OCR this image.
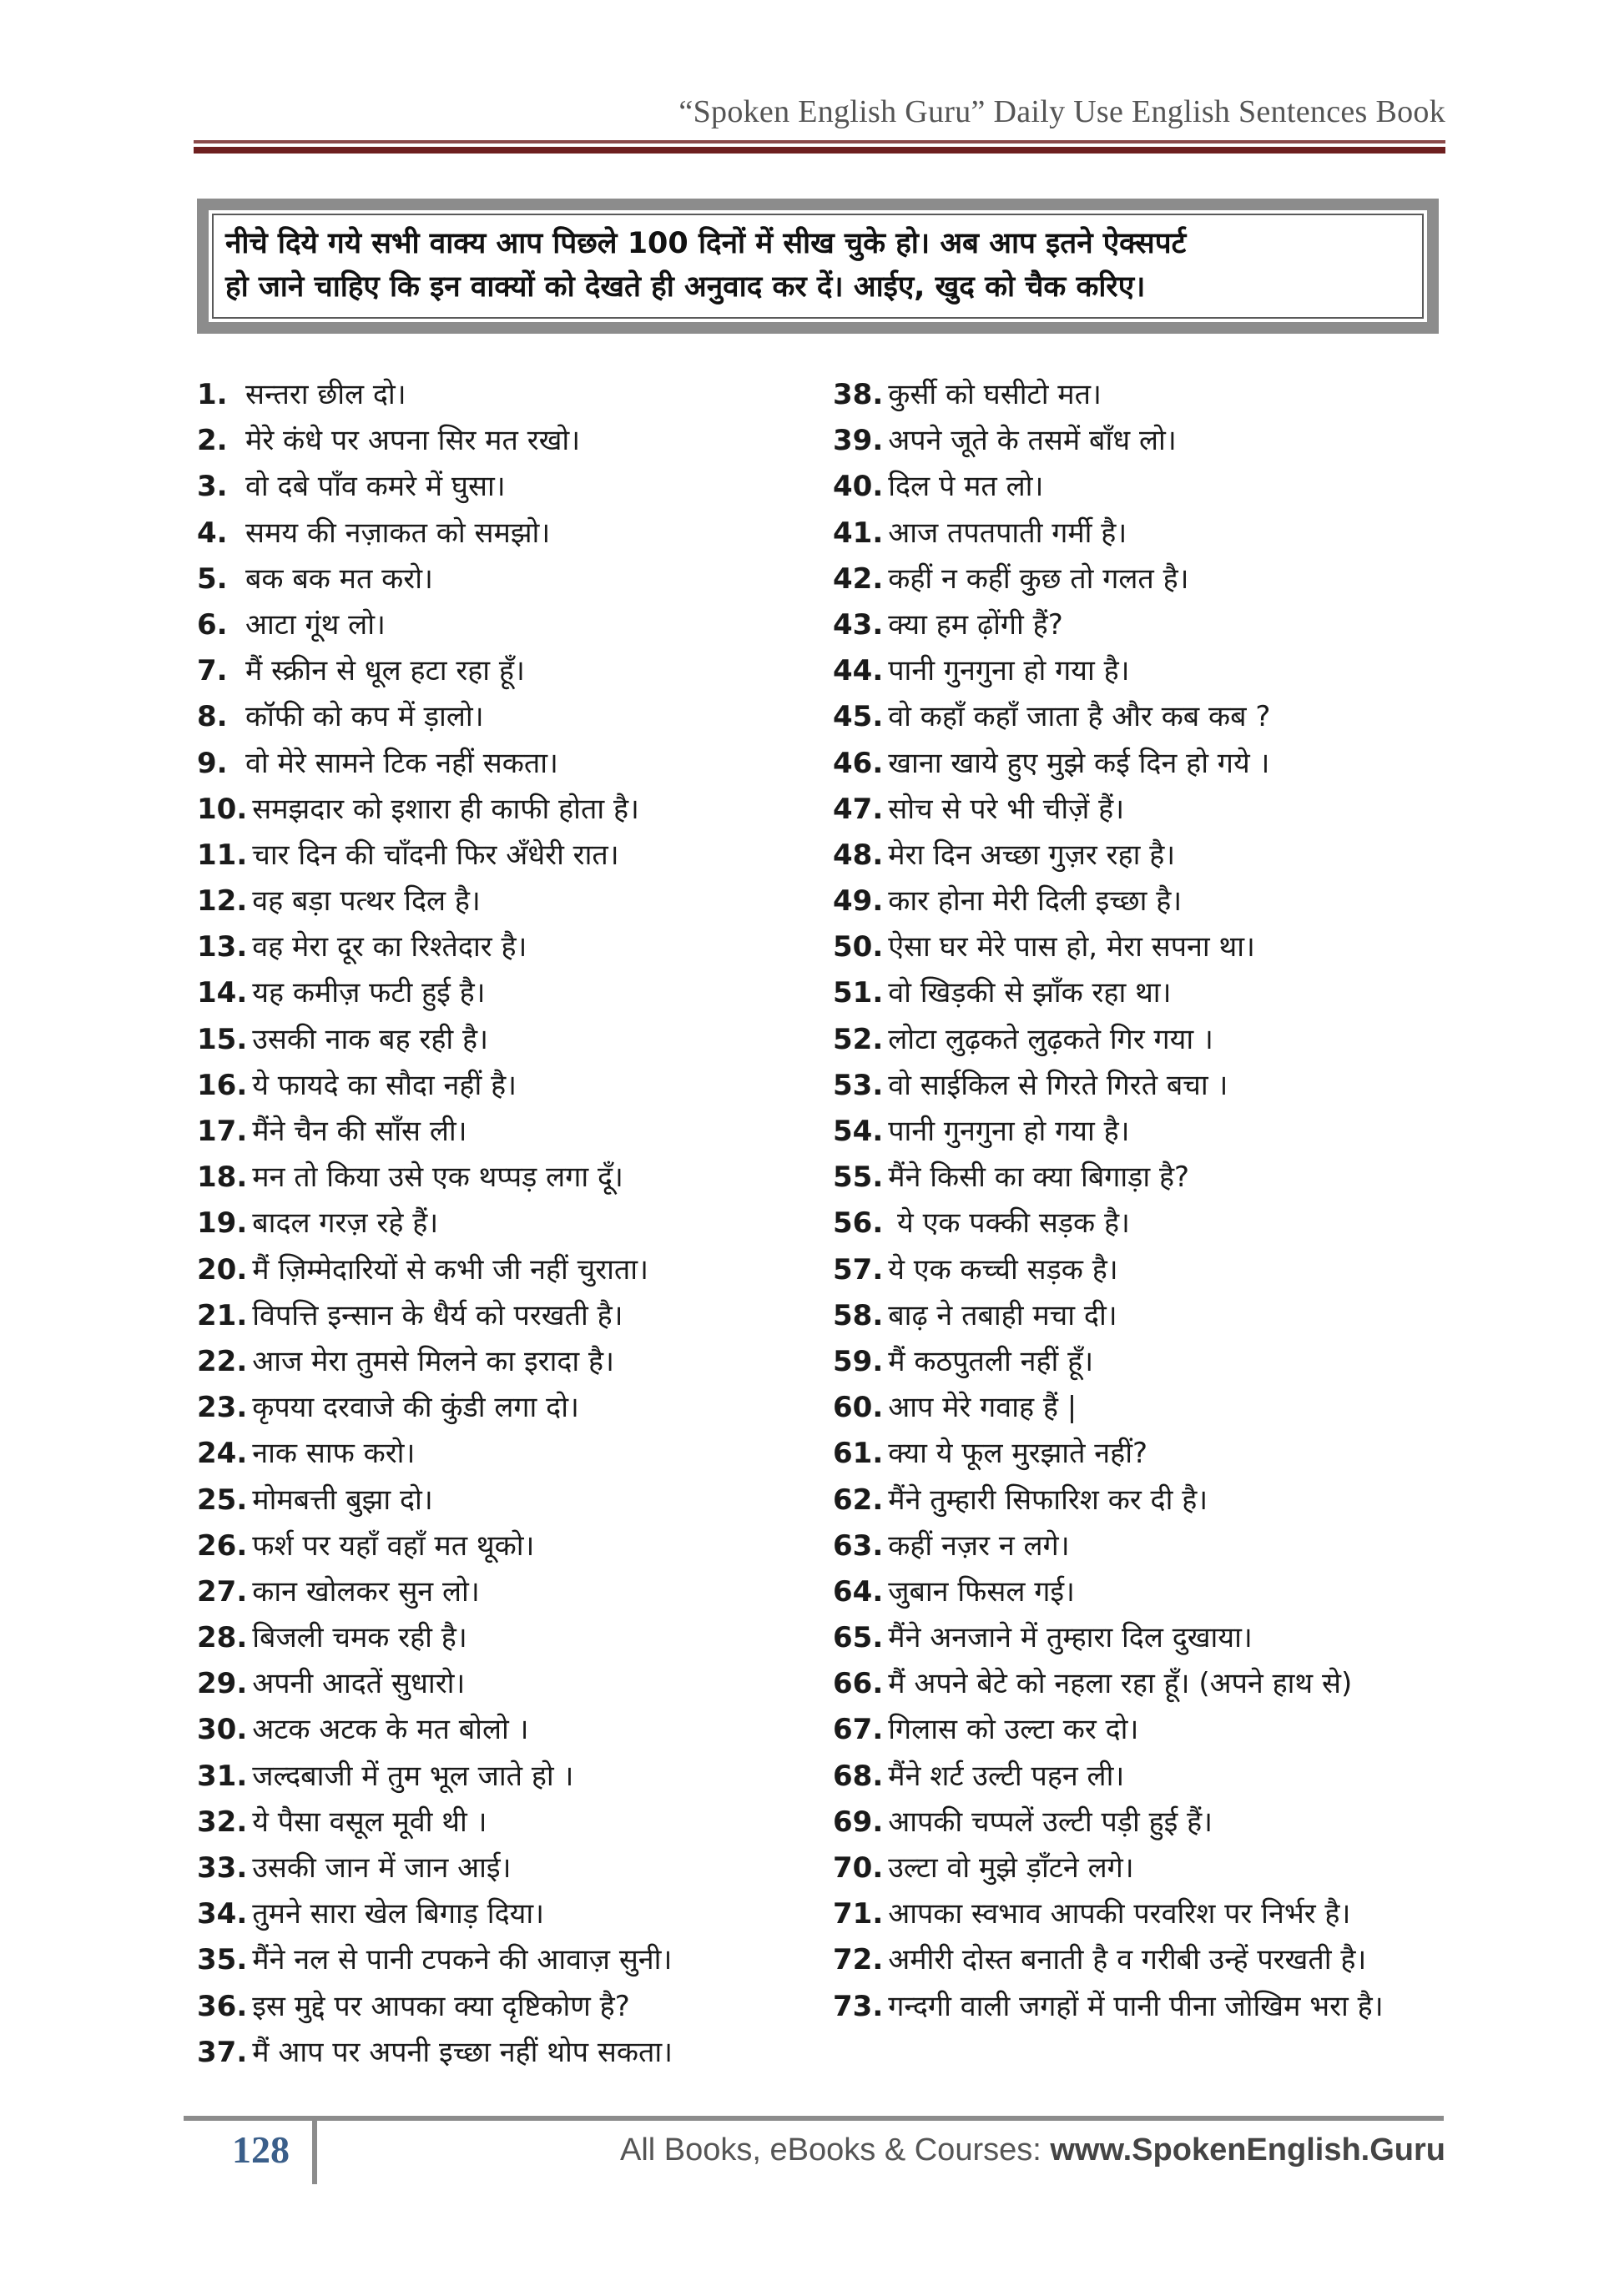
“Spoken English Guru” Daily Use English Sentences Book
नीचे दिये गये सभी वाक्य आप पिछले 100 दिनों में सीख चुके हो। अब आप इतने ऐक्सपर्ट
हो जाने चाहिए कि इन वाक्यों को देखते ही अनुवाद कर दें। आईए, खुद को चैक करिए।
1. सन्तरा छील दो।
2. मेरे कंधे पर अपना सिर मत रखो।
3. वो दबे पाँव कमरे में घुसा।
4. समय की नज़ाकत को समझो।
5. बक बक मत करो।
6. आटा गूंथ लो।
7. मैं स्क्रीन से धूल हटा रहा हूँ।
8. कॉफी को कप में ड़ालो।
9. वो मेरे सामने टिक नहीं सकता।
10. समझदार को इशारा ही काफी होता है।
11. चार दिन की चाँदनी फिर अँधेरी रात।
12. वह बड़ा पत्थर दिल है।
13. वह मेरा दूर का रिश्तेदार है।
14. यह कमीज़ फटी हुई है।
15. उसकी नाक बह रही है।
16. ये फायदे का सौदा नहीं है।
17. मैंने चैन की साँस ली।
18. मन तो किया उसे एक थप्पड़ लगा दूँ।
19. बादल गरज़ रहे हैं।
20. मैं ज़िम्मेदारियों से कभी जी नहीं चुराता।
21. विपत्ति इन्सान के धैर्य को परखती है।
22. आज मेरा तुमसे मिलने का इरादा है।
23. कृपया दरवाजे की कुंडी लगा दो।
24. नाक साफ करो।
25. मोमबत्ती बुझा दो।
26. फर्श पर यहाँ वहाँ मत थूको।
27. कान खोलकर सुन लो।
28. बिजली चमक रही है।
29. अपनी आदतें सुधारो।
30. अटक अटक के मत बोलो ।
31. जल्दबाजी में तुम भूल जाते हो ।
32. ये पैसा वसूल मूवी थी ।
33. उसकी जान में जान आई।
34. तुमने सारा खेल बिगाड़ दिया।
35. मैंने नल से पानी टपकने की आवाज़ सुनी।
36. इस मुद्दे पर आपका क्या दृष्टिकोण है?
37. मैं आप पर अपनी इच्छा नहीं थोप सकता।
38. कुर्सी को घसीटो मत।
39. अपने जूते के तसमें बाँध लो।
40. दिल पे मत लो।
41. आज तपतपाती गर्मी है।
42. कहीं न कहीं कुछ तो गलत है।
43. क्या हम ढ़ोंगी हैं?
44. पानी गुनगुना हो गया है।
45. वो कहाँ कहाँ जाता है और कब कब ?
46. खाना खाये हुए मुझे कई दिन हो गये ।
47. सोच से परे भी चीज़ें हैं।
48. मेरा दिन अच्छा गुज़र रहा है।
49. कार होना मेरी दिली इच्छा है।
50. ऐसा घर मेरे पास हो, मेरा सपना था।
51. वो खिड़की से झाँक रहा था।
52. लोटा लुढ़कते लुढ़कते गिर गया ।
53. वो साईकिल से गिरते गिरते बचा ।
54. पानी गुनगुना हो गया है।
55. मैंने किसी का क्या बिगाड़ा है?
56. ये एक पक्की सड़क है।
57. ये एक कच्ची सड़क है।
58. बाढ़ ने तबाही मचा दी।
59. मैं कठपुतली नहीं हूँ।
60. आप मेरे गवाह हैं |
61. क्या ये फूल मुरझाते नहीं?
62. मैंने तुम्हारी सिफारिश कर दी है।
63. कहीं नज़र न लगे।
64. जुबान फिसल गई।
65. मैंने अनजाने में तुम्हारा दिल दुखाया।
66. मैं अपने बेटे को नहला रहा हूँ। (अपने हाथ से)
67. गिलास को उल्टा कर दो।
68. मैंने शर्ट उल्टी पहन ली।
69. आपकी चप्पलें उल्टी पड़ी हुई हैं।
70. उल्टा वो मुझे ड़ाँटने लगे।
71. आपका स्वभाव आपकी परवरिश पर निर्भर है।
72. अमीरी दोस्त बनाती है व गरीबी उन्हें परखती है।
73. गन्दगी वाली जगहों में पानी पीना जोखिम भरा है।
128	All Books, eBooks & Courses: www.SpokenEnglish.Guru
